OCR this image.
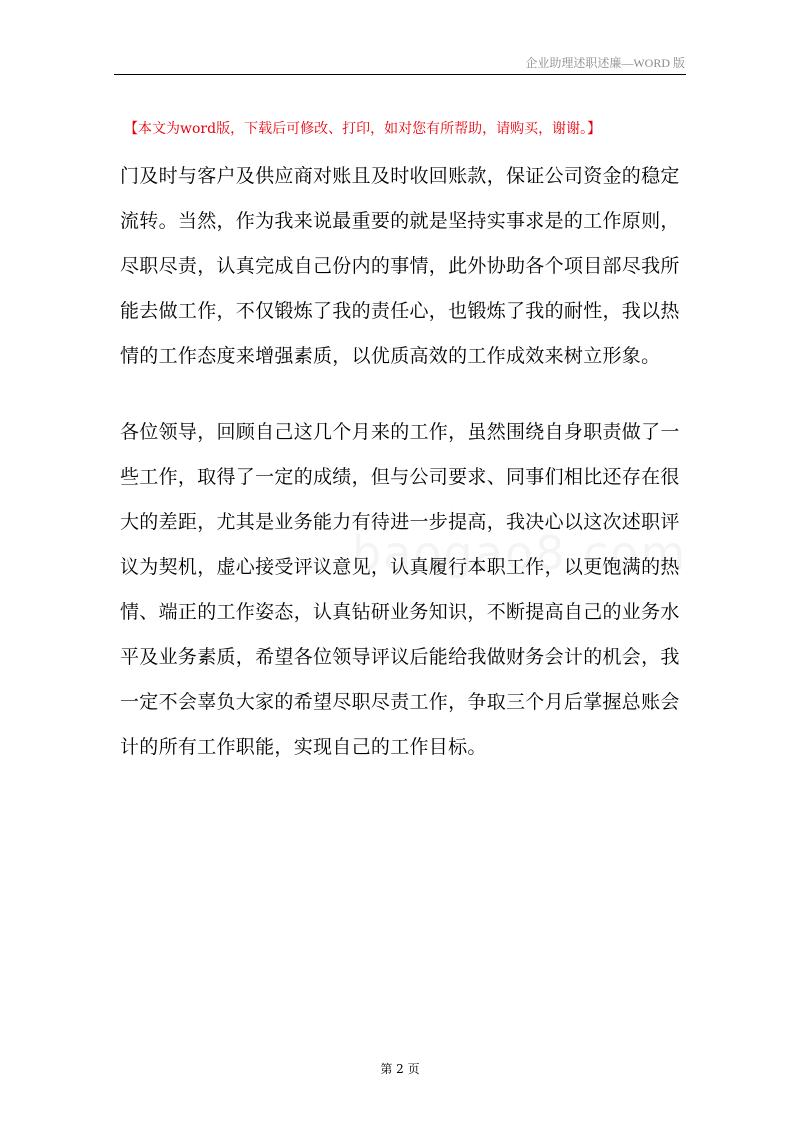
企业助理述职述廉—WORD 版
【本文为word版，下载后可修改、打印，如对您有所帮助，请购买，谢谢。】

门及时与客户及供应商对账且及时收回账款，保证公司资金的稳定流转。当然，作为我来说最重要的就是坚持实事求是的工作原则，尽职尽责，认真完成自己份内的事情，此外协助各个项目部尽我所能去做工作，不仅锻炼了我的责任心，也锻炼了我的耐性，我以热情的工作态度来增强素质，以优质高效的工作成效来树立形象。

各位领导，回顾自己这几个月来的工作，虽然围绕自身职责做了一些工作，取得了一定的成绩，但与公司要求、同事们相比还存在很大的差距，尤其是业务能力有待进一步提高，我决心以这次述职评议为契机，虚心接受评议意见，认真履行本职工作，以更饱满的热情、端正的工作姿态，认真钻研业务知识，不断提高自己的业务水平及业务素质，希望各位领导评议后能给我做财务会计的机会，我一定不会辜负大家的希望尽职尽责工作，争取三个月后掌握总账会计的所有工作职能，实现自己的工作目标。

第 2 页
